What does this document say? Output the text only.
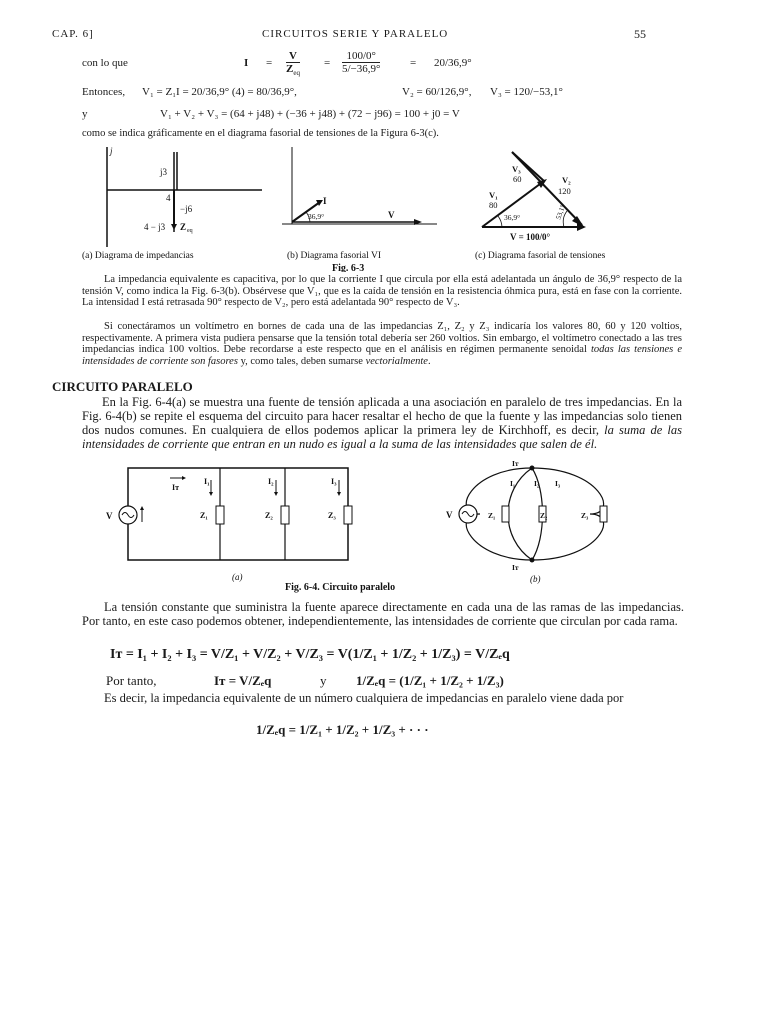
CAP. 6]	CIRCUITOS SERIE Y PARALELO	55
con lo que	$I = \frac{V}{Z_{eq}} = \frac{100/0^\circ}{5/-36,9^\circ}$	= 20/36,9°
Entonces, V₁ = Z₁I = 20/36,9° (4) = 80/36,9°,	V₂ = 60/126,9°, V₃ = 120/−53,1°
y	V₁ + V₂ + V₃ = (64 + j48) + (−36 + j48) + (72 − j96) = 100 + j0 = V
como se indica gráficamente en el diagrama fasorial de tensiones de la Figura 6-3(c).
j
j3
4
−j6
4 − j3 Z eq
(a) Diagrama de impedancias
I
36,9°	V
(b) Diagrama fasorial VI
V₃
60	V₂
120
V₁
80
36,9°	53,1°
V = 100/0°
(c) Diagrama fasorial de tensiones
Fig. 6-3
La impedancia equivalente es capacitiva, por lo que la corriente I que circula por ella está adelantada un ángulo de 36,9° respecto de la tensión V, como indica la Fig. 6-3(b). Obsérvese que V₁, que es la caída de tensión en la resistencia óhmica pura, está en fase con la corriente. La intensidad I está retrasada 90° respecto de V₂, pero está adelantada 90° respecto de V₃.
Si conectáramos un voltímetro en bornes de cada una de las impedancias Z₁, Z₂ y Z₃ indicaría los valores 80, 60 y 120 voltios, respectivamente. A primera vista pudiera pensarse que la tensión total debería ser 260 voltios. Sin embargo, el voltímetro conectado a las tres impedancias indica 100 voltios. Debe recordarse a este respecto que en el análisis en régimen permanente senoidal todas las tensiones e intensidades de corriente son fasores y, como tales, deben sumarse vectorialmente.
CIRCUITO PARALELO
En la Fig. 6-4(a) se muestra una fuente de tensión aplicada a una asociación en paralelo de tres impedancias. En la Fig. 6-4(b) se repite el esquema del circuito para hacer resaltar el hecho de que la fuente y las impedancias solo tienen dos nudos comunes. En cualquiera de ellos podemos aplicar la primera ley de Kirchhoff, es decir, la suma de las intensidades de corriente que entran en un nudo es igual a la suma de las intensidades que salen de él.
V
Iᴛ
I₁	I₂	I₃
Z₁	Z₂	Z₃
(a)
V
Iᴛ
Iᴛ
I₁	I₂ I₃
Z₁	Z₂	Z₃
(b)
Fig. 6-4. Circuito paralelo
La tensión constante que suministra la fuente aparece directamente en cada una de las ramas de las impedancias. Por tanto, en este caso podemos obtener, independientemente, las intensidades de corriente que circulan por cada rama.
Iᴛ = I₁ + I₂ + I₃ = V/Z₁ + V/Z₂ + V/Z₃ = V(1/Z₁ + 1/Z₂ + 1/Z₃) = V/Zₑq
Por tanto,	Iᴛ = V/Zₑq	y 1/Zₑq = (1/Z₁ + 1/Z₂ + 1/Z₃)
Es decir, la impedancia equivalente de un número cualquiera de impedancias en paralelo viene dada por
1/Zₑq = 1/Z₁ + 1/Z₂ + 1/Z₃ + · · ·
